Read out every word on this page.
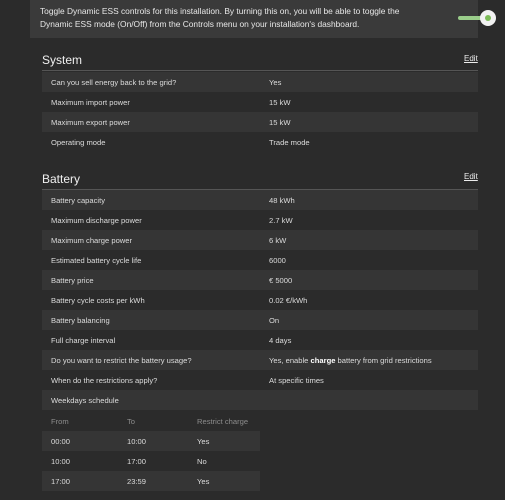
Toggle Dynamic ESS controls for this installation. By turning this on, you will be able to toggle the Dynamic ESS mode (On/Off) from the Controls menu on your installation's dashboard.
System	Edit
Can you sell energy back to the grid?	Yes
Maximum import power	15 kW
Maximum export power	15 kW
Operating mode	Trade mode
Battery	Edit
Battery capacity	48 kWh
Maximum discharge power	2.7 kW
Maximum charge power	6 kW
Estimated battery cycle life	6000
Battery price	€ 5000
Battery cycle costs per kWh	0.02 €/kWh
Battery balancing	On
Full charge interval	4 days
Do you want to restrict the battery usage?	Yes, enable charge battery from grid restrictions
When do the restrictions apply?	At specific times
Weekdays schedule
From	To	Restrict charge
00:00	10:00	Yes
10:00	17:00	No
17:00	23:59	Yes
